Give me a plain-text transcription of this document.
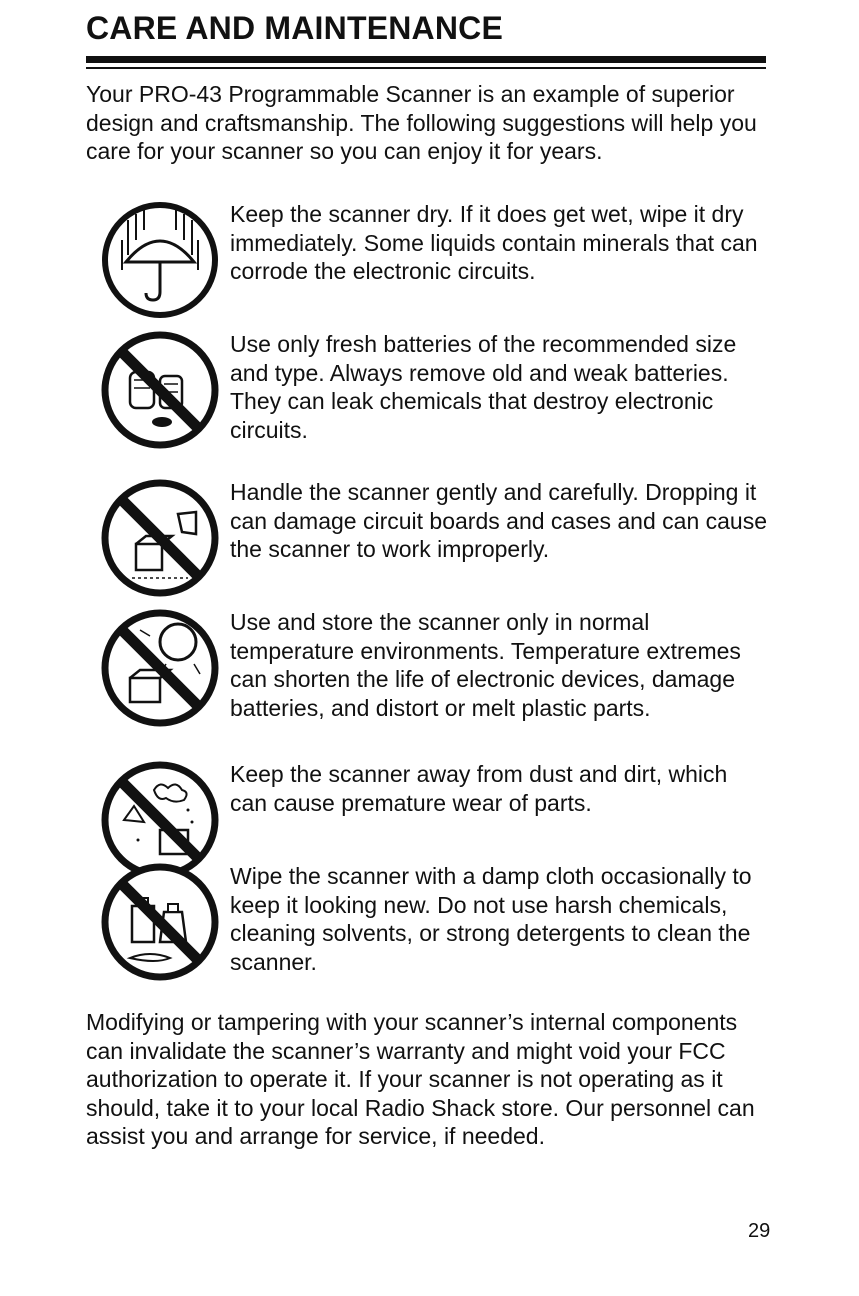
CARE AND MAINTENANCE

Your PRO-43 Programmable Scanner is an example of superior design and craftsmanship. The following suggestions will help you care for your scanner so you can enjoy it for years.

Keep the scanner dry. If it does get wet, wipe it dry immediately. Some liquids contain minerals that can corrode the electronic circuits.

Use only fresh batteries of the recommended size and type. Always remove old and weak batteries. They can leak chemicals that destroy electronic circuits.

Handle the scanner gently and carefully. Dropping it can damage circuit boards and cases and can cause the scanner to work improperly.

Use and store the scanner only in normal temperature environments. Temperature extremes can shorten the life of electronic devices, damage batteries, and distort or melt plastic parts.

Keep the scanner away from dust and dirt, which can cause premature wear of parts.

Wipe the scanner with a damp cloth occasionally to keep it looking new. Do not use harsh chemicals, cleaning solvents, or strong detergents to clean the scanner.

Modifying or tampering with your scanner’s internal components can invalidate the scanner’s warranty and might void your FCC authorization to operate it. If your scanner is not operating as it should, take it to your local Radio Shack store. Our personnel can assist you and arrange for service, if needed.

29
